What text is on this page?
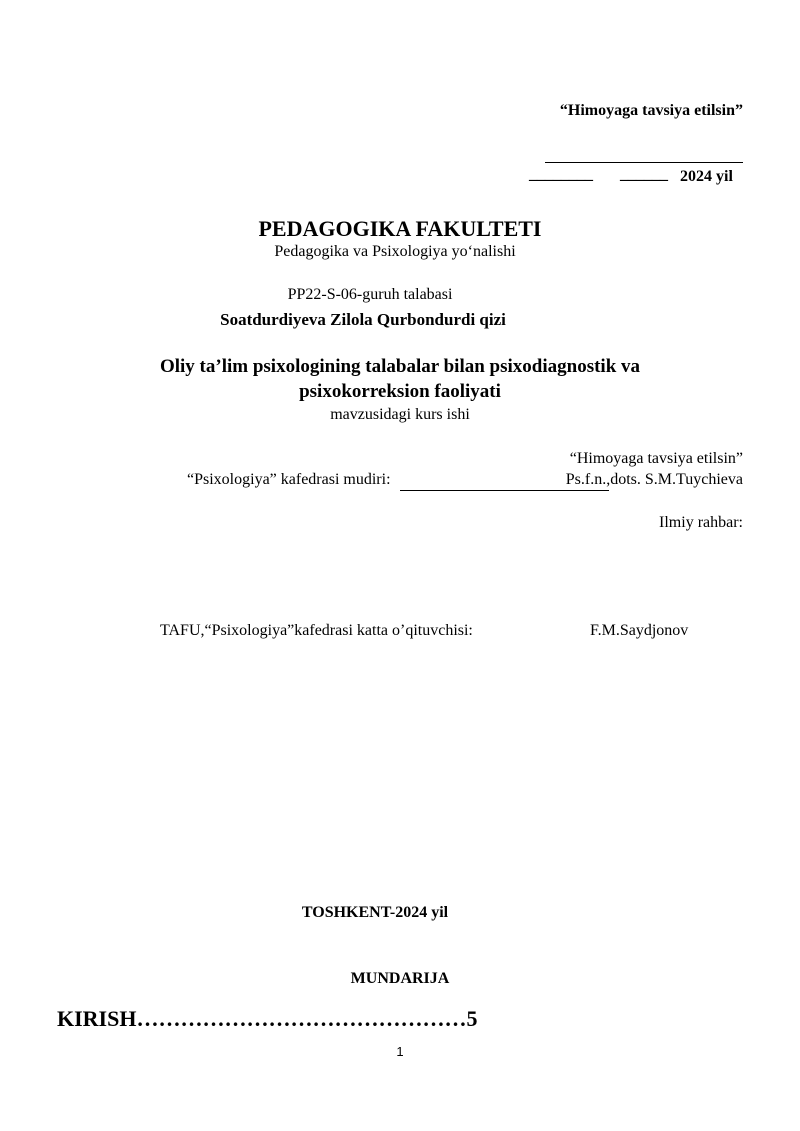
“Himoyaga tavsiya etilsin”
________ ______ 2024 yil
PEDAGOGIKA FAKULTETI
Pedagogika va Psixologiya yo‘nalishi
PP22-S-06-guruh talabasi
Soatdurdiyeva Zilola Qurbondurdi qizi
Oliy ta’lim psixologining talabalar bilan psixodiagnostik va
psixokorreksion faoliyati
mavzusidagi kurs ishi
“Himoyaga tavsiya etilsin”
“Psixologiya” kafedrasi mudiri:	Ps.f.n.,dots. S.M.Tuychieva
Ilmiy rahbar:
TAFU,“Psixologiya”kafedrasi katta o’qituvchisi:	F.M.Saydjonov
TOSHKENT-2024 yil
MUNDARIJA
KIRISH………………………………………5
1
